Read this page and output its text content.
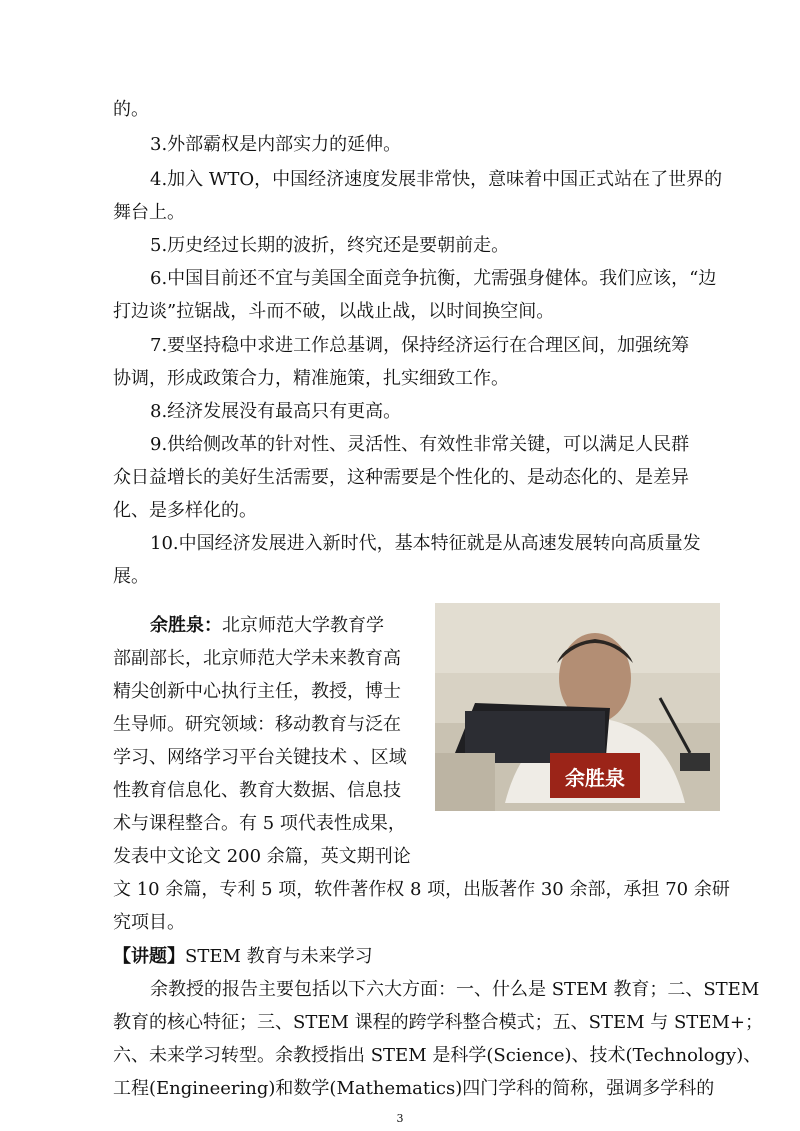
的。
3.外部霸权是内部实力的延伸。
4.加入 WTO，中国经济速度发展非常快，意味着中国正式站在了世界的
舞台上。
5.历史经过长期的波折，终究还是要朝前走。
6.中国目前还不宜与美国全面竞争抗衡，尤需强身健体。我们应该，“边
打边谈”拉锯战，斗而不破，以战止战，以时间换空间。
7.要坚持稳中求进工作总基调，保持经济运行在合理区间，加强统筹
协调，形成政策合力，精准施策，扎实细致工作。
8.经济发展没有最高只有更高。
9.供给侧改革的针对性、灵活性、有效性非常关键，可以满足人民群
众日益增长的美好生活需要，这种需要是个性化的、是动态化的、是差异
化、是多样化的。
10.中国经济发展进入新时代，基本特征就是从高速发展转向高质量发
展。
余胜泉：北京师范大学教育学
部副部长，北京师范大学未来教育高
精尖创新中心执行主任，教授，博士
生导师。研究领域：移动教育与泛在
学习、网络学习平台关键技术 、区域
性教育信息化、教育大数据、信息技
术与课程整合。有 5 项代表性成果，
发表中文论文 200 余篇，英文期刊论
文 10 余篇，专利 5 项，软件著作权 8 项，出版著作 30 余部，承担 70 余研
究项目。
余胜泉
【讲题】STEM 教育与未来学习
余教授的报告主要包括以下六大方面：一、什么是 STEM 教育；二、STEM
教育的核心特征；三、STEM 课程的跨学科整合模式；五、STEM 与 STEM+；
六、未来学习转型。余教授指出 STEM 是科学(Science)、技术(Technology)、
工程(Engineering)和数学(Mathematics)四门学科的简称，强调多学科的
3
